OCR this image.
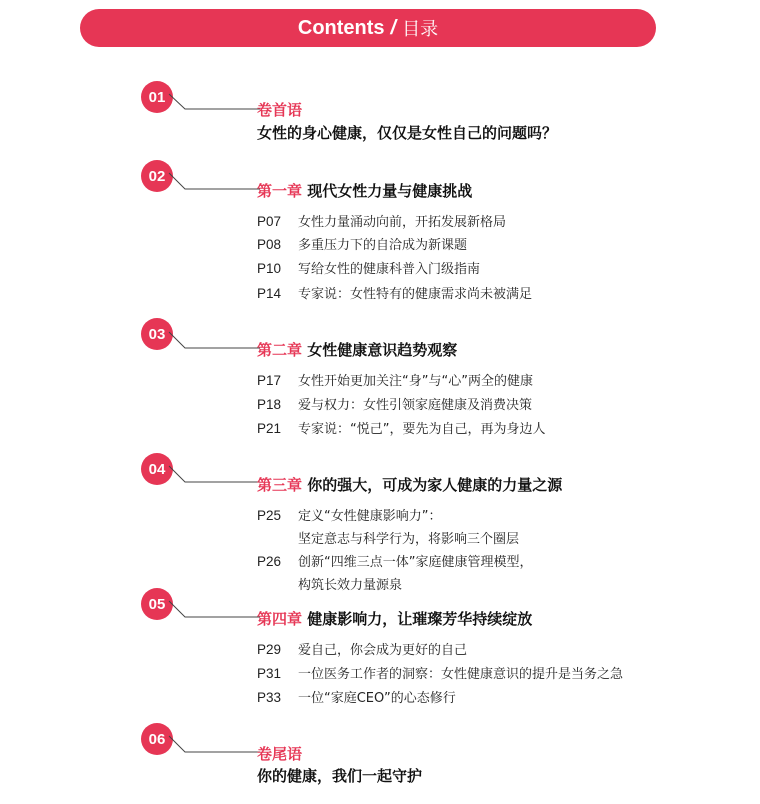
Contents / 目录
01
卷首语
女性的身心健康，仅仅是女性自己的问题吗？
02
第一章 现代女性力量与健康挑战
P07 女性力量涌动向前，开拓发展新格局
P08 多重压力下的自洽成为新课题
P10 写给女性的健康科普入门级指南
P14 专家说：女性特有的健康需求尚未被满足
03
第二章 女性健康意识趋势观察
P17 女性开始更加关注“身”与“心”两全的健康
P18 爱与权力：女性引领家庭健康及消费决策
P21 专家说：“悦己”，要先为自己，再为身边人
04
第三章 你的强大，可成为家人健康的力量之源
P25 定义“女性健康影响力”：
坚定意志与科学行为，将影响三个圈层
P26 创新“四维三点一体”家庭健康管理模型，
构筑长效力量源泉
05
第四章 健康影响力，让璀璨芳华持续绽放
P29 爱自己，你会成为更好的自己
P31 一位医务工作者的洞察：女性健康意识的提升是当务之急
P33 一位“家庭CEO”的心态修行
06
卷尾语
你的健康，我们一起守护
